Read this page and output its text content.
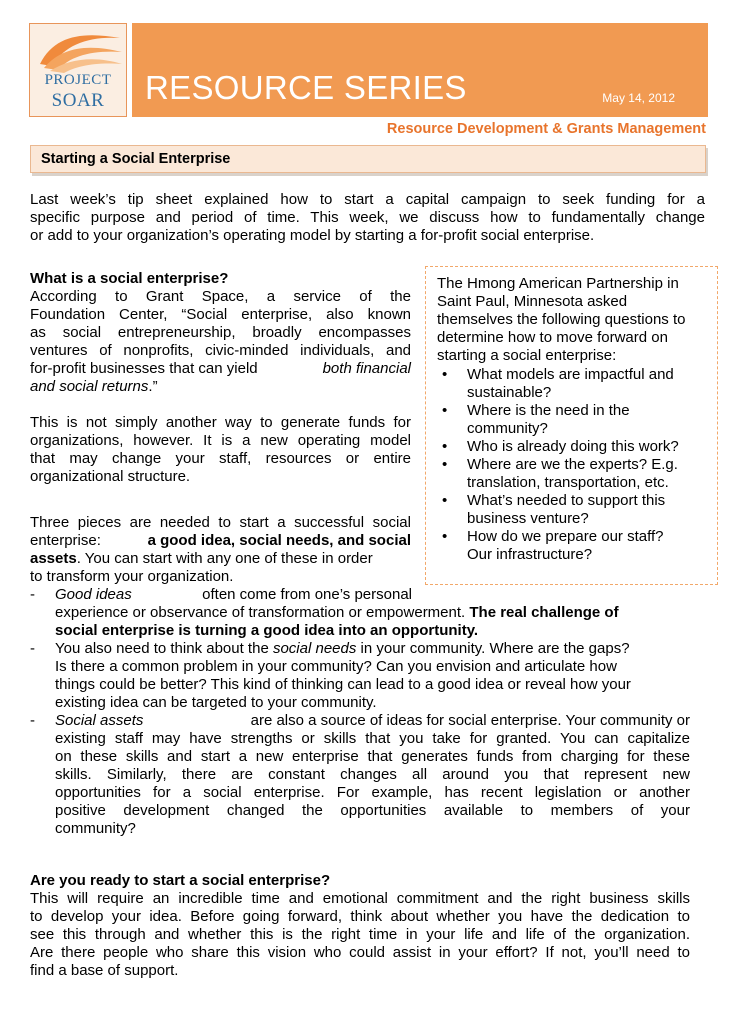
PROJECT
SOAR	RESOURCE SERIES	May 14, 2012
Resource Development & Grants Management
Starting a Social Enterprise
Last week’s tip sheet explained how to start a capital campaign to seek funding for a
specific purpose and period of time. This week, we discuss how to fundamentally change
or add to your organization’s operating model by starting a for-profit social enterprise.
What is a social enterprise?
According to Grant Space, a service of the
Foundation Center, “Social enterprise, also known
as social entrepreneurship, broadly encompasses
ventures of nonprofits, civic-minded individuals, and
for-profit businesses that can yield	both financial
and social returns.”
This is not simply another way to generate funds for
organizations, however. It is a new operating model
that may change your staff, resources or entire
organizational structure.
Three pieces are needed to start a successful social
enterprise:	a good idea, social needs, and social
assets. You can start with any one of these in order
to transform your organization.
The Hmong American Partnership in
Saint Paul, Minnesota asked
themselves the following questions to
determine how to move forward on
starting a social enterprise:
• What models are impactful and
sustainable?
• Where is the need in the
community?
• Who is already doing this work?
• Where are we the experts? E.g.
translation, transportation, etc.
• What’s needed to support this
business venture?
• How do we prepare our staff?
Our infrastructure?
- Good ideas	often come from one’s personal
experience or observance of transformation or empowerment. The real challenge of
social enterprise is turning a good idea into an opportunity.
- You also need to think about the social needs in your community. Where are the gaps?
Is there a common problem in your community? Can you envision and articulate how
things could be better? This kind of thinking can lead to a good idea or reveal how your
existing idea can be targeted to your community.
- Social assets	are also a source of ideas for social enterprise. Your community or
existing staff may have strengths or skills that you take for granted. You can capitalize
on these skills and start a new enterprise that generates funds from charging for these
skills. Similarly, there are constant changes all around you that represent new
opportunities for a social enterprise. For example, has recent legislation or another
positive development changed the opportunities available to members of your
community?
Are you ready to start a social enterprise?
This will require an incredible time and emotional commitment and the right business skills
to develop your idea. Before going forward, think about whether you have the dedication to
see this through and whether this is the right time in your life and life of the organization.
Are there people who share this vision who could assist in your effort? If not, you’ll need to
find a base of support.
